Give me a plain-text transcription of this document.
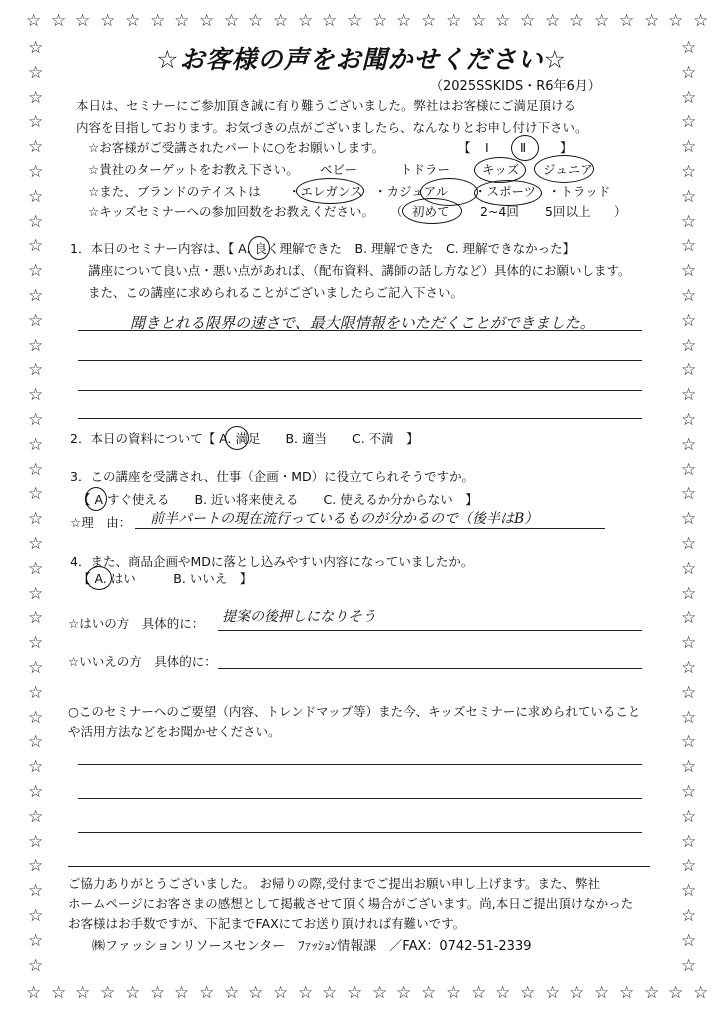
☆
☆
☆
☆
☆
☆
☆
☆
☆
☆
☆
☆
☆
☆
☆
☆
☆
☆
☆
☆
☆
☆
☆
☆
☆
☆
☆
☆
☆
☆
☆
☆
☆
☆
☆
☆
☆
☆
☆
☆
☆
☆
☆
☆
☆
☆
☆
☆
☆
☆
☆
☆
☆
☆
☆
☆
☆	☆
☆	☆
☆	☆
☆	☆
☆	☆
☆	☆
☆	☆
☆	☆
☆	☆
☆	☆
☆	☆
☆	☆
☆	☆
☆	☆
☆	☆
☆	☆
☆	☆
☆	☆
☆	☆
☆	☆
☆	☆
☆	☆
☆	☆
☆	☆
☆	☆
☆	☆
☆	☆
☆	☆
☆	☆
☆	☆
☆	☆
☆	☆
☆	☆
☆	☆
☆	☆
☆	☆
☆	☆
☆	☆
☆お客様の声をお聞かせください☆
（2025SSKIDS・R6年6月）
本日は、セミナーにご参加頂き誠に有り難うございました。弊社はお客様にご満足頂ける
内容を目指しております。お気づきの点がございましたら、なんなりとお申し付け下さい。
☆お客様がご受講されたパートに○をお願いします。	【 Ⅰ	Ⅱ	】
☆貴社のターゲットをお教え下さい。 ベビー	トドラー	キッズ ジュニア
☆また、ブランドのテイストは ・エレガンス ・カジュアル ・スポーツ ・トラッド
☆キッズセミナーへの参加回数をお教えください。 （ 初めて 2~4回 5回以上 ）
1．本日のセミナー内容は、【 A. 良く理解できた　B. 理解できた　C. 理解できなかった】
講座について良い点・悪い点があれば、（配布資料、講師の話し方など）具体的にお願いします。
また、この講座に求められることがございましたらご記入下さい。
聞きとれる限界の速さで、最大限情報をいただくことができました。
2．本日の資料について【 A. 満足　　B. 適当　　C. 不満　】
3．この講座を受講され、仕事（企画・MD）に役立てられそうですか。
【 A すぐ使える　　B. 近い将来使える　　C. 使えるか分からない　】
☆理　由： 前半パートの現在流行っているものが分かるので（後半はB）
4．また、商品企画やMDに落とし込みやすい内容になっていましたか。
【 A. はい　　　B. いいえ　】
☆はいの方　具体的に： 提案の後押しになりそう
☆いいえの方　具体的に：
○このセミナーへのご要望（内容、トレンドマップ等）また今、キッズセミナーに求められていること
や活用方法などをお聞かせください。
ご協力ありがとうございました。 お帰りの際,受付までご提出お願い申し上げます。また、弊社
ホームページにお客さまの感想として掲載させて頂く場合がございます。尚,本日ご提出頂けなかった
お客様はお手数ですが、下記までFAXにてお送り頂ければ有難いです。
㈱ファッションリソースセンター　ﾌｧｯｼｮﾝ情報課　／FAX：0742-51-2339
